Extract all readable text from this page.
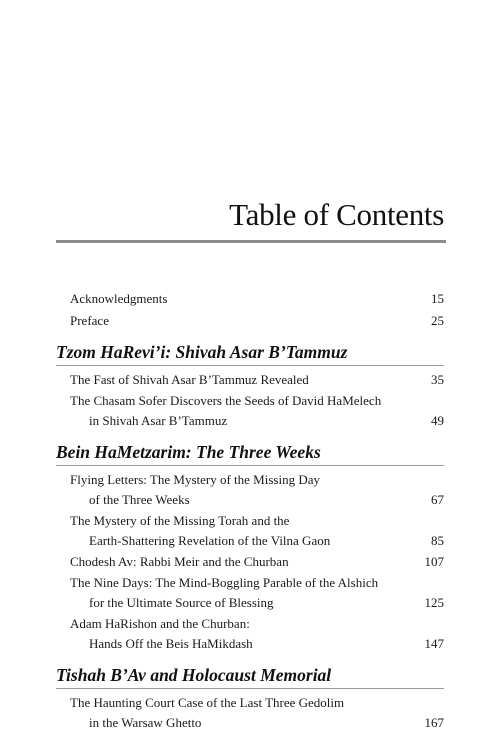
Table of Contents
Acknowledgments	15
Preface	25
Tzom HaRevi’i: Shivah Asar B’Tammuz
The Fast of Shivah Asar B’Tammuz Revealed	35
The Chasam Sofer Discovers the Seeds of David HaMelech
in Shivah Asar B’Tammuz	49
Bein HaMetzarim: The Three Weeks
Flying Letters: The Mystery of the Missing Day
of the Three Weeks	67
The Mystery of the Missing Torah and the
Earth-Shattering Revelation of the Vilna Gaon	85
Chodesh Av: Rabbi Meir and the Churban	107
The Nine Days: The Mind-Boggling Parable of the Alshich
for the Ultimate Source of Blessing	125
Adam HaRishon and the Churban:
Hands Off the Beis HaMikdash	147
Tishah B’Av and Holocaust Memorial
The Haunting Court Case of the Last Three Gedolim
in the Warsaw Ghetto	167
